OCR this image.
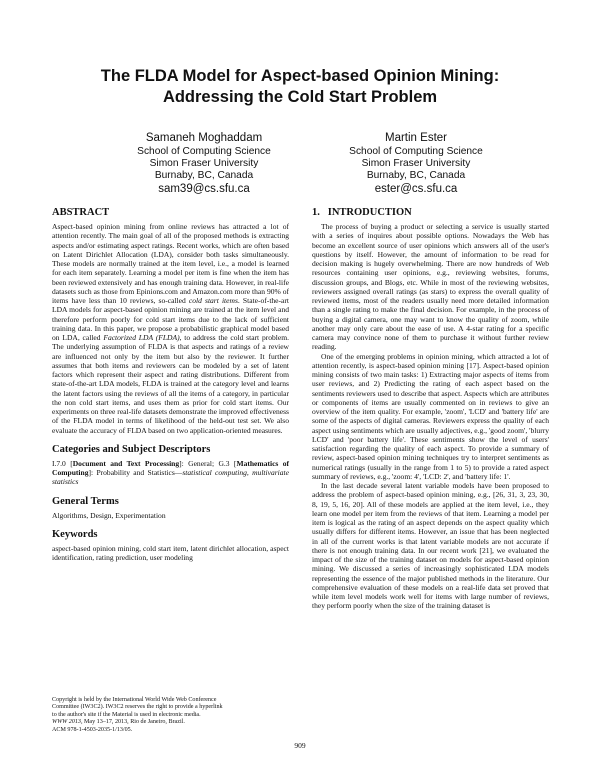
The FLDA Model for Aspect-based Opinion Mining:
Addressing the Cold Start Problem
Samaneh Moghaddam
School of Computing Science
Simon Fraser University
Burnaby, BC, Canada
sam39@cs.sfu.ca
Martin Ester
School of Computing Science
Simon Fraser University
Burnaby, BC, Canada
ester@cs.sfu.ca
ABSTRACT

Aspect-based opinion mining from online reviews has attracted a lot of attention recently. The main goal of all of the proposed methods is extracting aspects and/or estimating aspect ratings. Recent works, which are often based on Latent Dirichlet Allocation (LDA), consider both tasks simultaneously. These models are normally trained at the item level, i.e., a model is learned for each item separately. Learning a model per item is fine when the item has been reviewed extensively and has enough training data. However, in real-life datasets such as those from Epinions.com and Amazon.com more than 90% of items have less than 10 reviews, so-called cold start items. State-of-the-art LDA models for aspect-based opinion mining are trained at the item level and therefore perform poorly for cold start items due to the lack of sufficient training data. In this paper, we propose a probabilistic graphical model based on LDA, called Factorized LDA (FLDA), to address the cold start problem. The underlying assumption of FLDA is that aspects and ratings of a review are influenced not only by the item but also by the reviewer. It further assumes that both items and reviewers can be modeled by a set of latent factors which represent their aspect and rating distributions. Different from state-of-the-art LDA models, FLDA is trained at the category level and learns the latent factors using the reviews of all the items of a category, in particular the non cold start items, and uses them as prior for cold start items. Our experiments on three real-life datasets demonstrate the improved effectiveness of the FLDA model in terms of likelihood of the held-out test set. We also evaluate the accuracy of FLDA based on two application-oriented measures.

Categories and Subject Descriptors

I.7.0 [Document and Text Processing]: General; G.3 [Mathematics of Computing]: Probability and Statistics—statistical computing, multivariate statistics

General Terms

Algorithms, Design, Experimentation

Keywords

aspect-based opinion mining, cold start item, latent dirichlet allocation, aspect identification, rating prediction, user modeling

Copyright is held by the International World Wide Web Conference
Committee (IW3C2). IW3C2 reserves the right to provide a hyperlink
to the author's site if the Material is used in electronic media.
WWW 2013, May 13–17, 2013, Rio de Janeiro, Brazil.
ACM 978-1-4503-2035-1/13/05.
1.   INTRODUCTION

The process of buying a product or selecting a service is usually started with a series of inquires about possible options. Nowadays the Web has become an excellent source of user opinions which answers all of the user's questions by itself. However, the amount of information to be read for decision making is hugely overwhelming. There are now hundreds of Web resources containing user opinions, e.g., reviewing websites, forums, discussion groups, and Blogs, etc. While in most of the reviewing websites, reviewers assigned overall ratings (as stars) to express the overall quality of reviewed items, most of the readers usually need more detailed information than a single rating to make the final decision. For example, in the process of buying a digital camera, one may want to know the quality of zoom, while another may only care about the ease of use. A 4-star rating for a specific camera may convince none of them to purchase it without further review reading.

One of the emerging problems in opinion mining, which attracted a lot of attention recently, is aspect-based opinion mining [17]. Aspect-based opinion mining consists of two main tasks: 1) Extracting major aspects of items from user reviews, and 2) Predicting the rating of each aspect based on the sentiments reviewers used to describe that aspect. Aspects which are attributes or components of items are usually commented on in reviews to give an overview of the item quality. For example, 'zoom', 'LCD' and 'battery life' are some of the aspects of digital cameras. Reviewers express the quality of each aspect using sentiments which are usually adjectives, e.g., 'good zoom', 'blurry LCD' and 'poor battery life'. These sentiments show the level of users' satisfaction regarding the quality of each aspect. To provide a summary of review, aspect-based opinion mining techniques try to interpret sentiments as numerical ratings (usually in the range from 1 to 5) to provide a rated aspect summary of reviews, e.g., 'zoom: 4', 'LCD: 2', and 'battery life: 1'.

In the last decade several latent variable models have been proposed to address the problem of aspect-based opinion mining, e.g., [26, 31, 3, 23, 30, 8, 19, 5, 16, 20]. All of these models are applied at the item level, i.e., they learn one model per item from the reviews of that item. Learning a model per item is logical as the rating of an aspect depends on the aspect quality which usually differs for different items. However, an issue that has been neglected in all of the current works is that latent variable models are not accurate if there is not enough training data. In our recent work [21], we evaluated the impact of the size of the training dataset on models for aspect-based opinion mining. We discussed a series of increasingly sophisticated LDA models representing the essence of the major published methods in the literature. Our comprehensive evaluation of these models on a real-life data set proved that while item level models work well for items with large number of reviews, they perform poorly when the size of the training dataset is

909
